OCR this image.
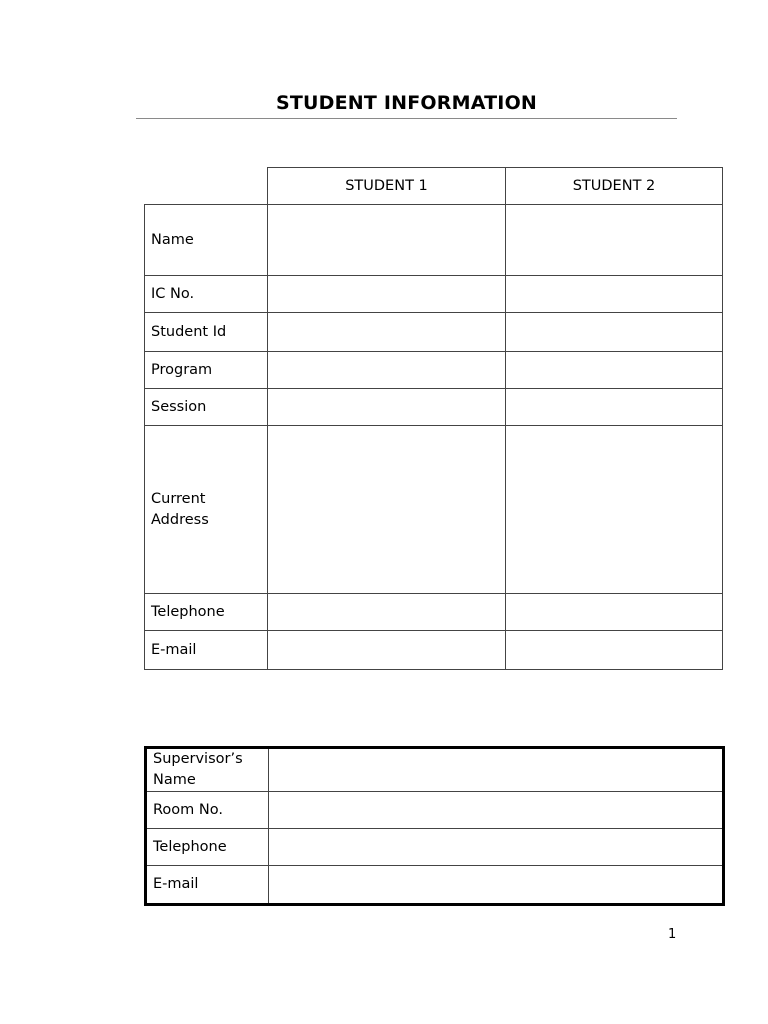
STUDENT INFORMATION
	STUDENT 1	STUDENT 2
Name		
IC No.		
Student Id		
Program		
Session		
Current Address		
Telephone		
E-mail		
Supervisor’s Name	
Room No.	
Telephone	
E-mail	
1
